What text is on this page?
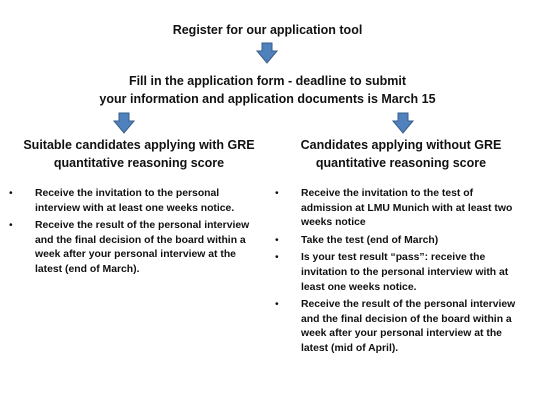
Register for our application tool
Fill in the application form - deadline to submit
your information and application documents is March 15
Suitable candidates applying with GRE
quantitative reasoning score
Candidates applying without GRE
quantitative reasoning score
• Receive the invitation to the personal interview with at least one weeks notice.
• Receive the result of the personal interview and the final decision of the board within a week after your personal interview at the latest (end of March).
• Receive the invitation to the test of admission at LMU Munich with at least two weeks notice
• Take the test (end of March)
• Is your test result “pass”: receive the invitation to the personal interview with at least one weeks notice.
• Receive the result of the personal interview and the final decision of the board within a week after your personal interview at the latest (mid of April).
